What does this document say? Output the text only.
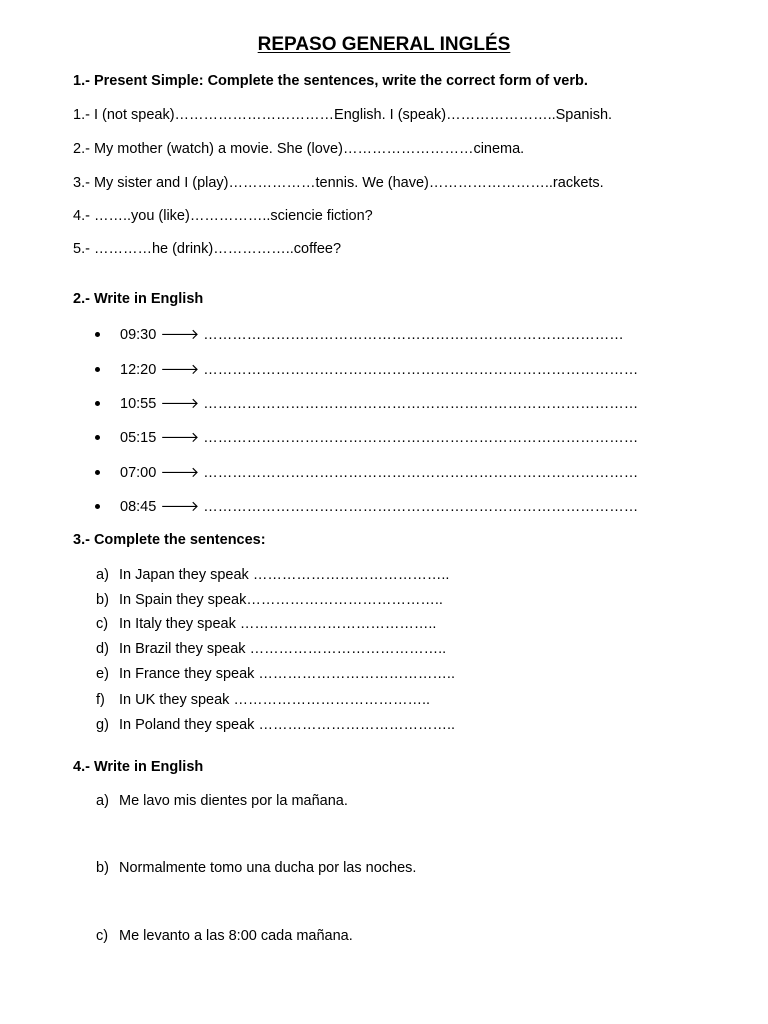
REPASO GENERAL INGLÉS
1.- Present Simple: Complete the sentences, write the correct form of verb.
1.- I (not speak)……………………………English. I (speak)…………………..Spanish.
2.- My mother (watch) a movie. She (love)………………………cinema.
3.- My sister and I (play)………………tennis. We (have)……………………..rackets.
4.- ……..you (like)……………..sciencie fiction?
5.- …………he (drink)……………..coffee?
2.- Write in English
09:30 🡒 ……………………………………………………………………………
12:20 🡒 ………………………………………………………………………………
10:55 🡒 ………………………………………………………………………………
05:15 🡒 ………………………………………………………………………………
07:00 🡒 ………………………………………………………………………………
08:45 🡒 ………………………………………………………………………………
3.- Complete the sentences:
a) In Japan they speak …………………………………..
b) In Spain they speak…………………………………..
c) In Italy they speak …………………………………..
d) In Brazil they speak …………………………………..
e) In France they speak …………………………………..
f) In UK they speak …………………………………..
g) In Poland they speak …………………………………..
4.- Write in English
a) Me lavo mis dientes por la mañana.
b) Normalmente tomo una ducha por las noches.
c) Me levanto a las 8:00 cada mañana.
